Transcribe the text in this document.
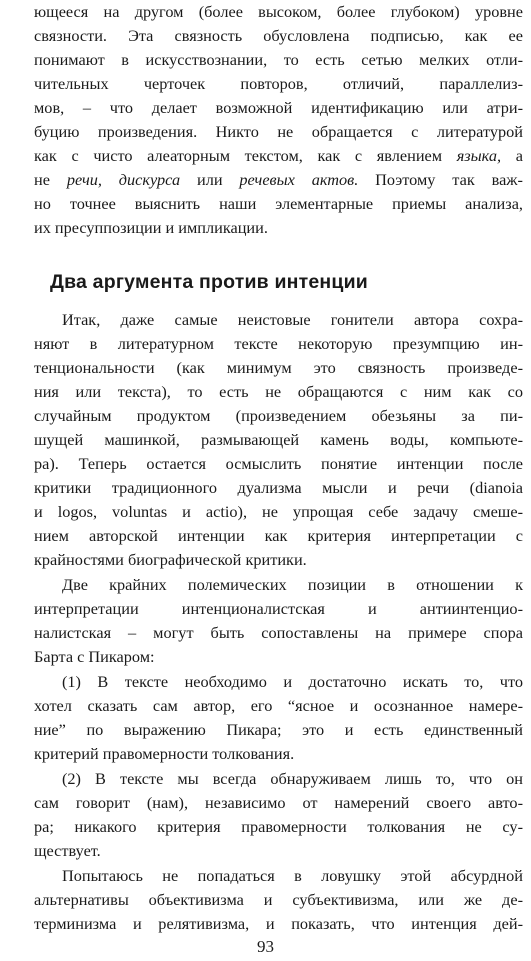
ющееся на другом (более высоком, более глубоком) уровне
связности. Эта связность обусловлена подписью, как ее
понимают в искусствознании, то есть сетью мелких отли-
чительных черточек повторов, отличий, параллелиз-
мов, – что делает возможной идентификацию или атри-
буцию произведения. Никто не обращается с литературой
как с чисто алеаторным текстом, как с явлением языка, а
не речи, дискурса или речевых актов. Поэтому так важ-
но точнее выяснить наши элементарные приемы анализа,
их пресуппозиции и импликации.
Два аргумента против интенции
Итак, даже самые неистовые гонители автора сохра-
няют в литературном тексте некоторую презумпцию ин-
тенциональности (как минимум это связность произведе-
ния или текста), то есть не обращаются с ним как со
случайным продуктом (произведением обезьяны за пи-
шущей машинкой, размывающей камень воды, компьюте-
ра). Теперь остается осмыслить понятие интенции после
критики традиционного дуализма мысли и речи (dianoia
и logos, voluntas и actio), не упрощая себе задачу смеше-
нием авторской интенции как критерия интерпретации с
крайностями биографической критики.
Две крайних полемических позиции в отношении к
интерпретации интенционалистская и антиинтенцио-
налистская – могут быть сопоставлены на примере спора
Барта с Пикаром:
(1) В тексте необходимо и достаточно искать то, что
хотел сказать сам автор, его “ясное и осознанное намере-
ние” по выражению Пикара; это и есть единственный
критерий правомерности толкования.
(2) В тексте мы всегда обнаруживаем лишь то, что он
сам говорит (нам), независимо от намерений своего авто-
ра; никакого критерия правомерности толкования не су-
ществует.
Попытаюсь не попадаться в ловушку этой абсурдной
альтернативы объективизма и субъективизма, или же де-
терминизма и релятивизма, и показать, что интенция дей-
93
